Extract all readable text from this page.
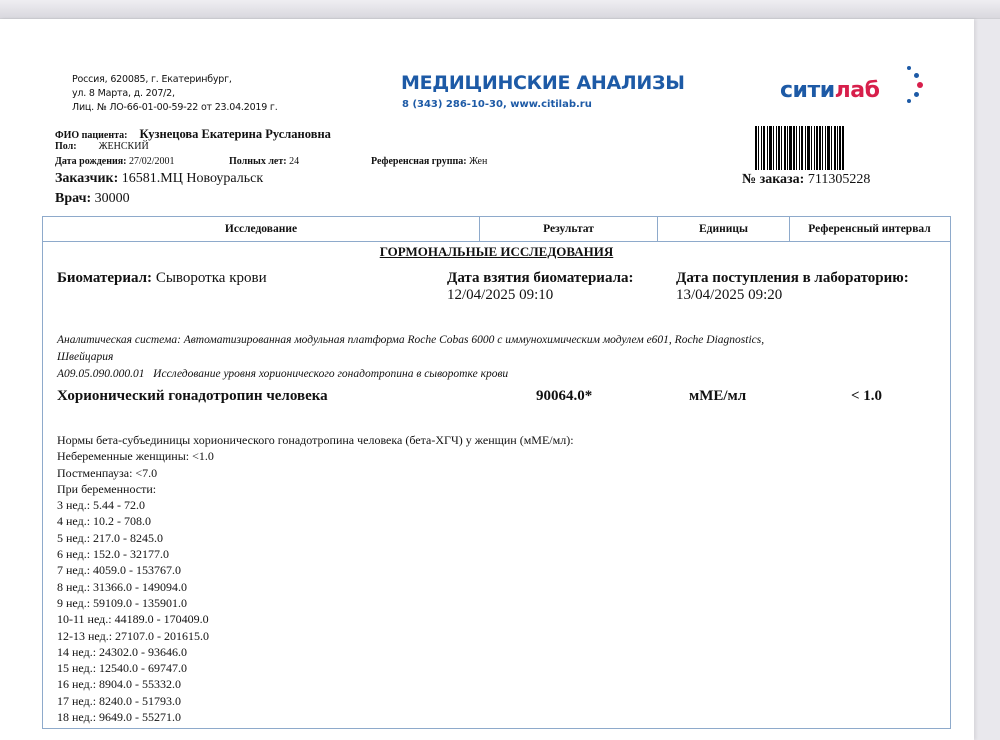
Россия, 620085, г. Екатеринбург,
ул. 8 Марта, д. 207/2,
Лиц. № ЛО-66-01-00-59-22 от 23.04.2019 г.
МЕДИЦИНСКИЕ АНАЛИЗЫ
8 (343) 286-10-30, www.citilab.ru
ситилаб
ФИО пациента: Кузнецова Екатерина Руслановна
Пол: ЖЕНСКИЙ
Дата рождения: 27/02/2001	Полных лет: 24	Референсная группа: Жен
Заказчик: 16581.МЦ Новоуральск
Врач: 30000
№ заказа: 711305228
Исследование	Результат	Единицы	Референсный интервал
ГОРМОНАЛЬНЫЕ ИССЛЕДОВАНИЯ
Биоматериал: Сыворотка крови	Дата взятия биоматериала:
12/04/2025 09:10
Дата поступления в лабораторию:
13/04/2025 09:20
Аналитическая система: Автоматизированная модульная платформа Roche Cobas 6000 с иммунохимическим модулем e601, Roche Diagnostics,
Швейцария
A09.05.090.000.01 Исследование уровня хорионического гонадотропина в сыворотке крови
Хорионический гонадотропин человека	90064.0*	мМЕ/мл	< 1.0
Нормы бета-субъединицы хорионического гонадотропина человека (бета-ХГЧ) у женщин (мМЕ/мл):
Небеременные женщины: <1.0
Постменпауза: <7.0
При беременности:
3 нед.: 5.44 - 72.0
4 нед.: 10.2 - 708.0
5 нед.: 217.0 - 8245.0
6 нед.: 152.0 - 32177.0
7 нед.: 4059.0 - 153767.0
8 нед.: 31366.0 - 149094.0
9 нед.: 59109.0 - 135901.0
10-11 нед.: 44189.0 - 170409.0
12-13 нед.: 27107.0 - 201615.0
14 нед.: 24302.0 - 93646.0
15 нед.: 12540.0 - 69747.0
16 нед.: 8904.0 - 55332.0
17 нед.: 8240.0 - 51793.0
18 нед.: 9649.0 - 55271.0
